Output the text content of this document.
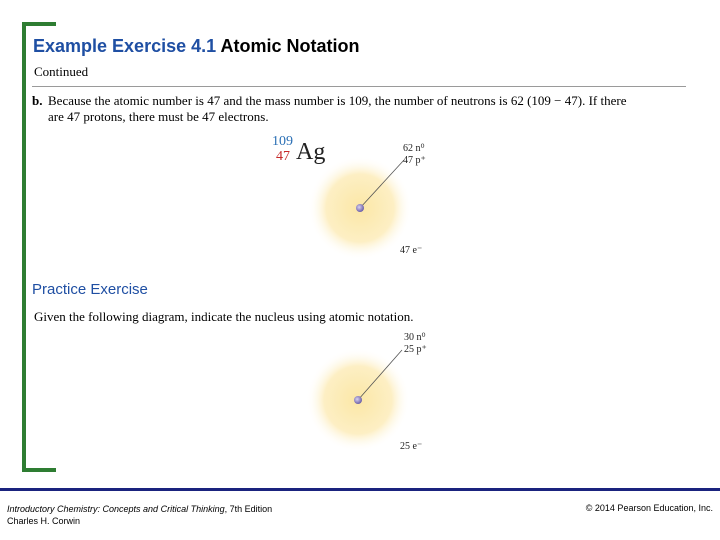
Example Exercise 4.1 Atomic Notation
Continued
b. Because the atomic number is 47 and the mass number is 109, the number of neutrons is 62 (109 − 47). If there
are 47 protons, there must be 47 electrons.
109
47 Ag	62 n⁰
47 p⁺
47 e⁻
Practice Exercise
Given the following diagram, indicate the nucleus using atomic notation.
30 n⁰
25 p⁺
25 e⁻
Introductory Chemistry: Concepts and Critical Thinking, 7th Edition
Charles H. Corwin
© 2014 Pearson Education, Inc.
